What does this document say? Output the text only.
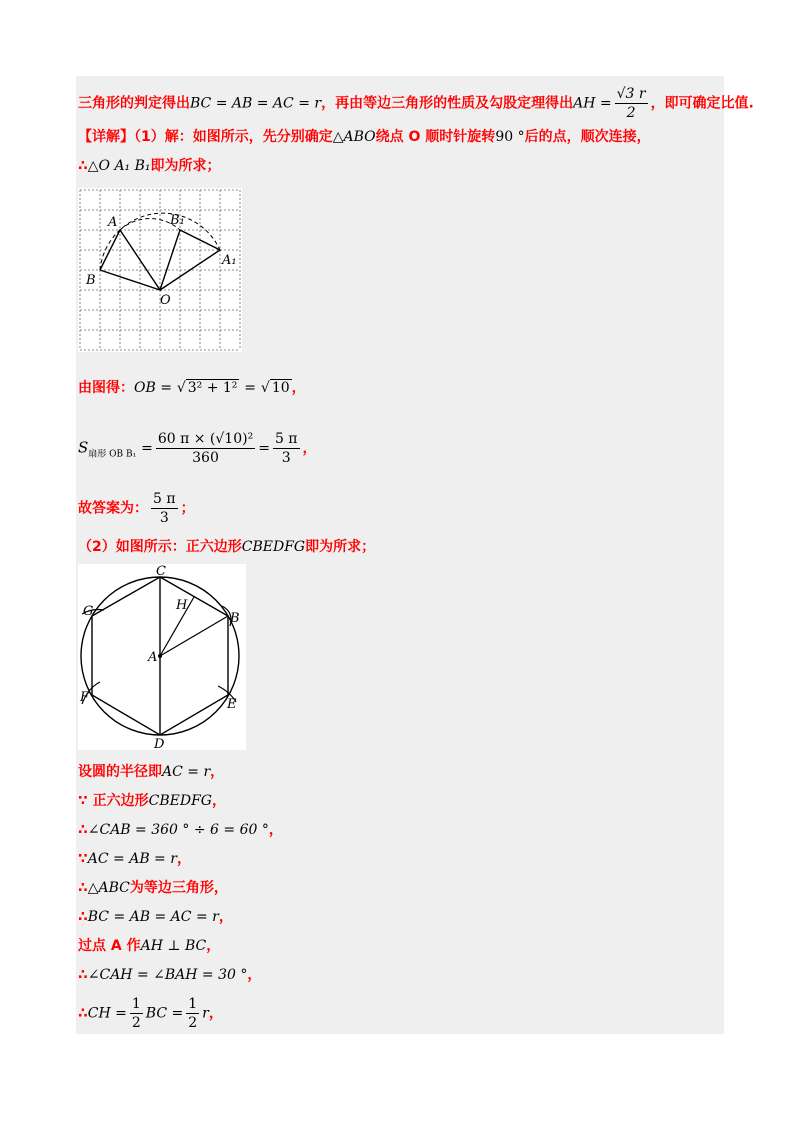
三角形的判定得出BC = AB = AC = r，再由等边三角形的性质及勾股定理得出AH = $\frac{√3 r}{2}$ ，即可确定比值.
【详解】（1）解：如图所示，先分别确定△ABO绕点 O 顺时针旋转90 °后的点，顺次连接，
∴△O A₁ B₁即为所求；
A
B
B₁
A₁
O
由图得：OB = √ 3² + 1² = √ 10 ，
$S_{扇形 OB B_1} = \frac{\text{60 π × (√10)²}}{360} = \frac{5 \pi}{3}$ ，
故答案为： $\frac{5 \pi}{3}$ ；
（2）如图所示：正六边形CBEDFG即为所求；
C
H
G	B
A
F	E
D
设圆的半径即AC = r，
∵ 正六边形CBEDFG，
∴∠CAB = 360 ° ÷ 6 = 60 °，
∵AC = AB = r，
∴△ABC为等边三角形，
∴BC = AB = AC = r，
过点 A 作AH ⊥ BC，
∴∠CAH = ∠BAH = 30 °，
∴CH = $\frac{1}{2}$ BC = $\frac{1}{2}$ r，
